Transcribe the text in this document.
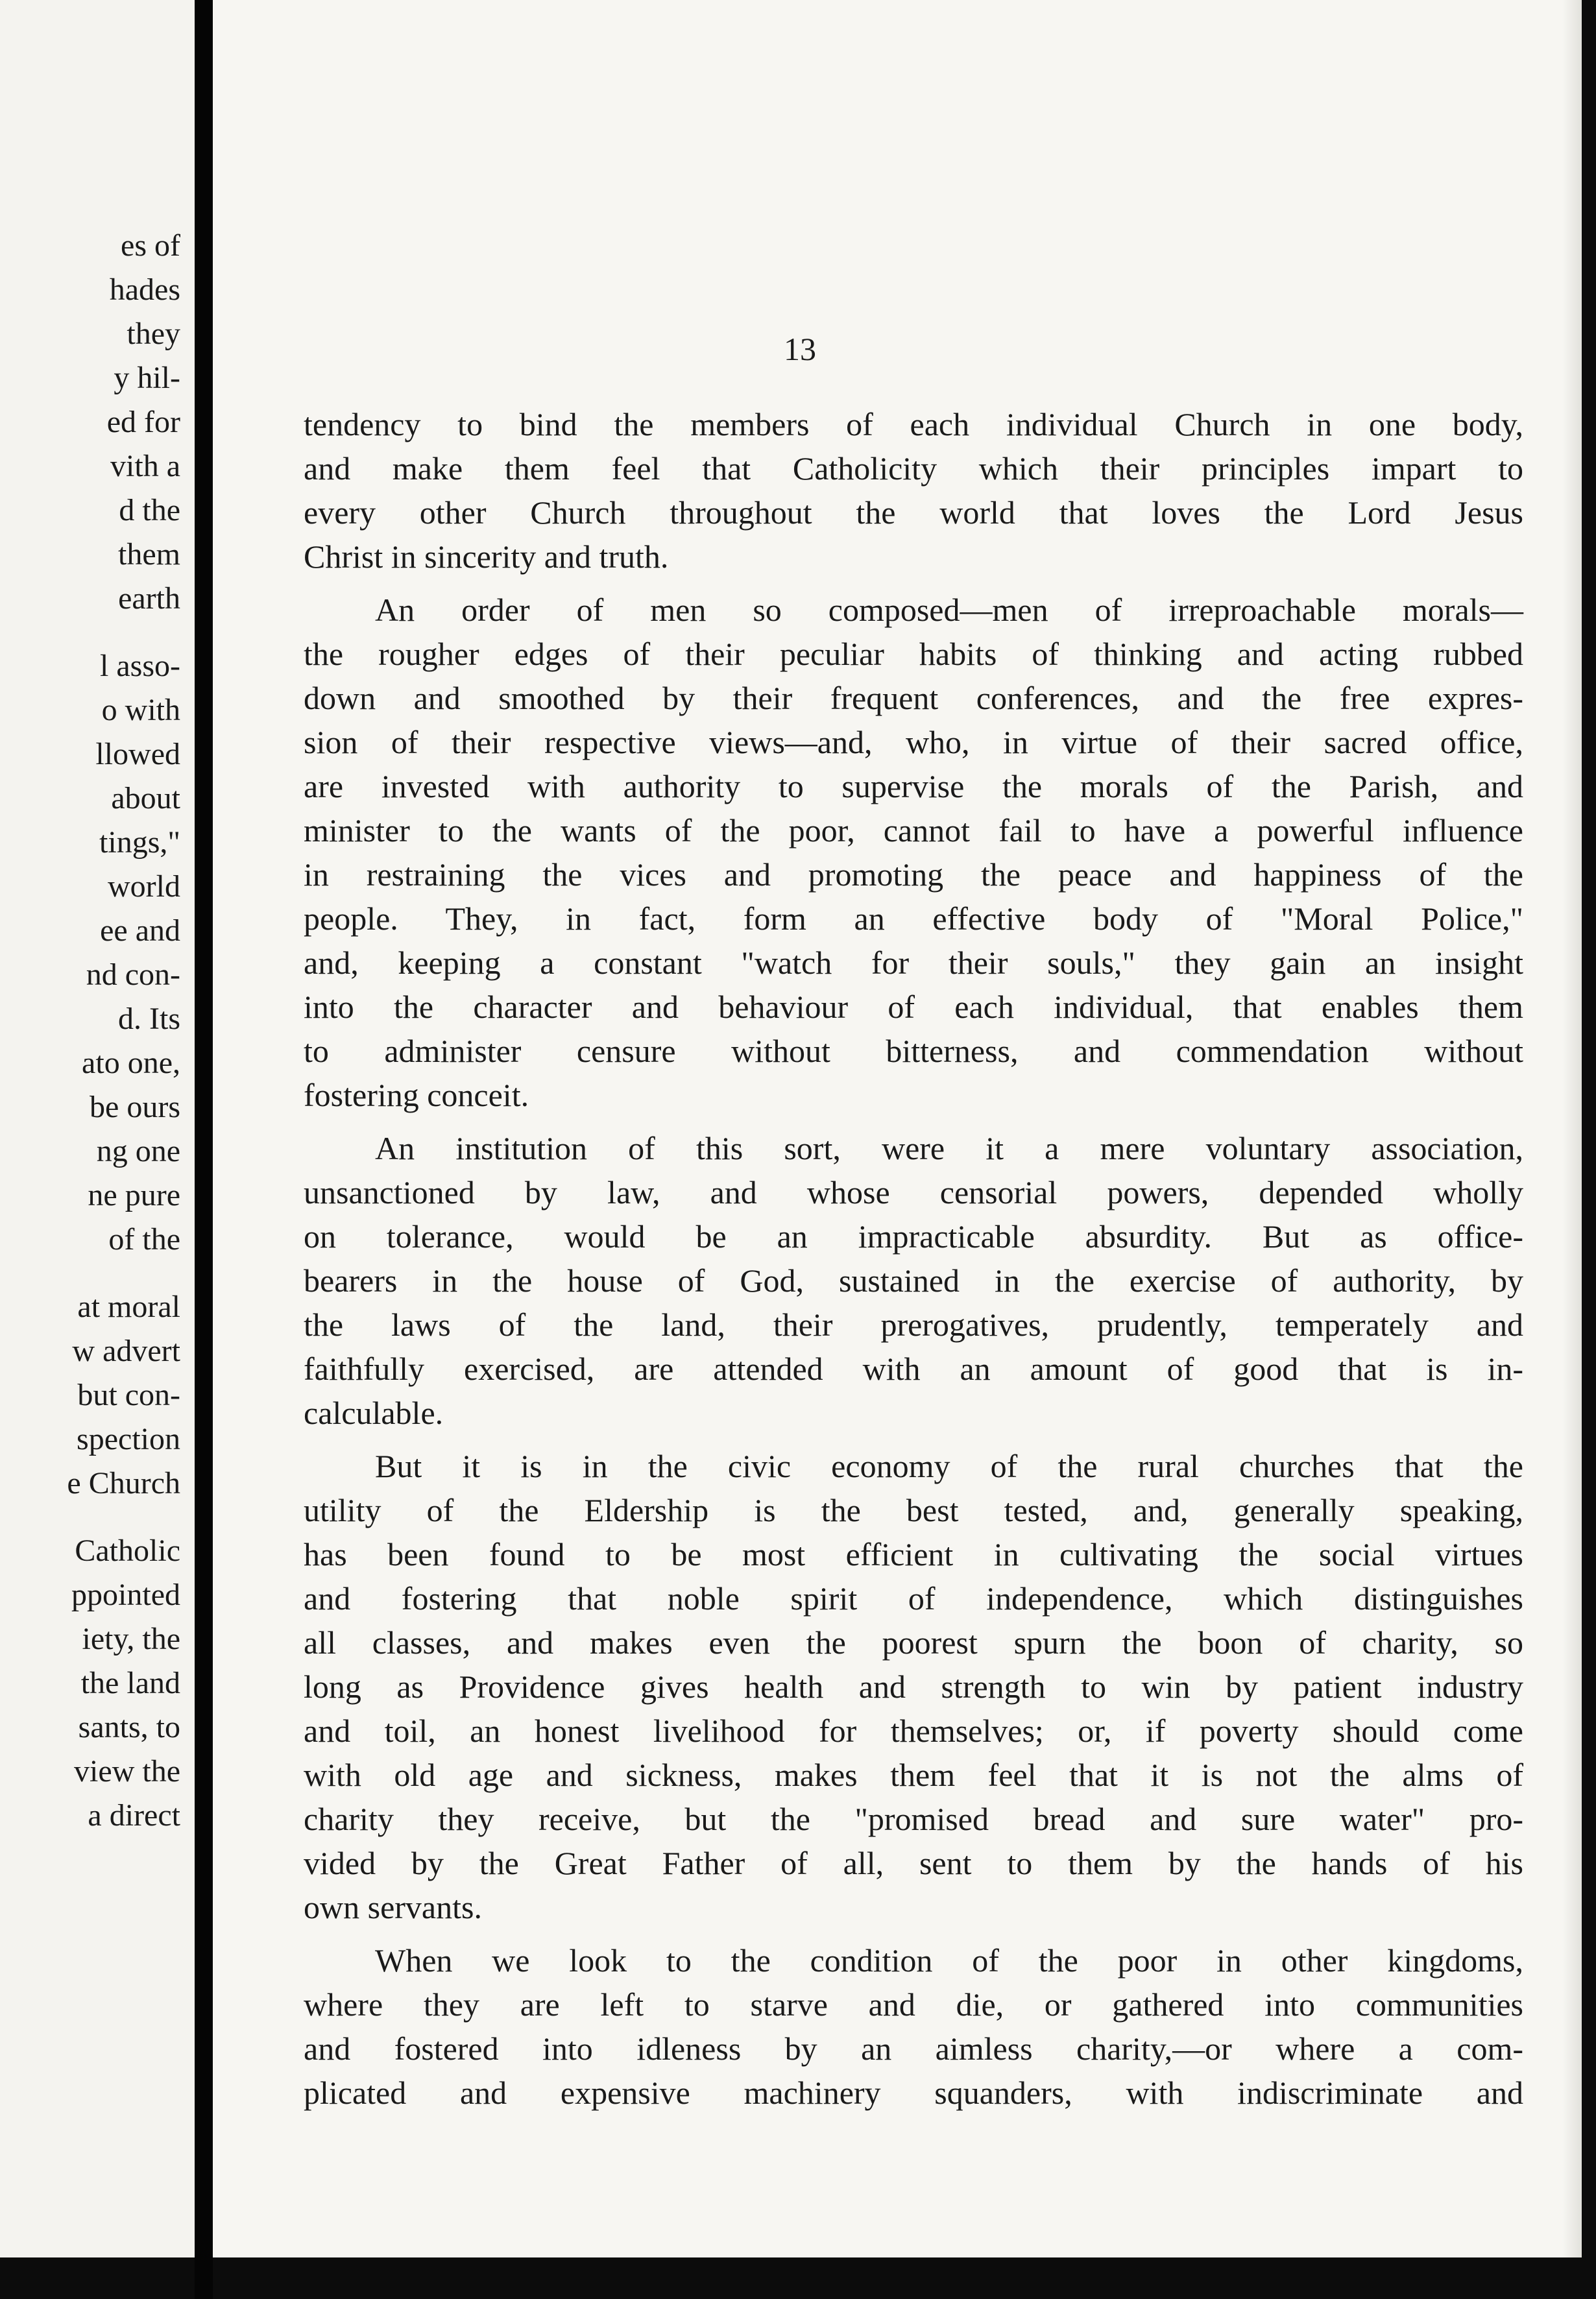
es of
hades
they
y hil-
ed for
vith a
d the
them
earth
l asso-
o with
llowed
about
tings,"
world
ee and
nd con-
d. Its
ato one,
be ours
ng one
ne pure
of the
at moral
w advert
but con-
spection
e Church
Catholic
ppointed
iety, the
the land
sants, to
view the
a direct
13
tendency to bind the members of each individual Church in one body,
and make them feel that Catholicity which their principles impart to
every other Church throughout the world that loves the Lord Jesus
Christ in sincerity and truth.
An order of men so composed—men of irreproachable morals—
the rougher edges of their peculiar habits of thinking and acting rubbed
down and smoothed by their frequent conferences, and the free expres-
sion of their respective views—and, who, in virtue of their sacred office,
are invested with authority to supervise the morals of the Parish, and
minister to the wants of the poor, cannot fail to have a powerful influence
in restraining the vices and promoting the peace and happiness of the
people. They, in fact, form an effective body of "Moral Police,"
and, keeping a constant "watch for their souls," they gain an insight
into the character and behaviour of each individual, that enables them
to administer censure without bitterness, and commendation without
fostering conceit.
An institution of this sort, were it a mere voluntary association,
unsanctioned by law, and whose censorial powers, depended wholly
on tolerance, would be an impracticable absurdity. But as office-
bearers in the house of God, sustained in the exercise of authority, by
the laws of the land, their prerogatives, prudently, temperately and
faithfully exercised, are attended with an amount of good that is in-
calculable.
But it is in the civic economy of the rural churches that the
utility of the Eldership is the best tested, and, generally speaking,
has been found to be most efficient in cultivating the social virtues
and fostering that noble spirit of independence, which distinguishes
all classes, and makes even the poorest spurn the boon of charity, so
long as Providence gives health and strength to win by patient industry
and toil, an honest livelihood for themselves; or, if poverty should come
with old age and sickness, makes them feel that it is not the alms of
charity they receive, but the "promised bread and sure water" pro-
vided by the Great Father of all, sent to them by the hands of his
own servants.
When we look to the condition of the poor in other kingdoms,
where they are left to starve and die, or gathered into communities
and fostered into idleness by an aimless charity,—or where a com-
plicated and expensive machinery squanders, with indiscriminate and
